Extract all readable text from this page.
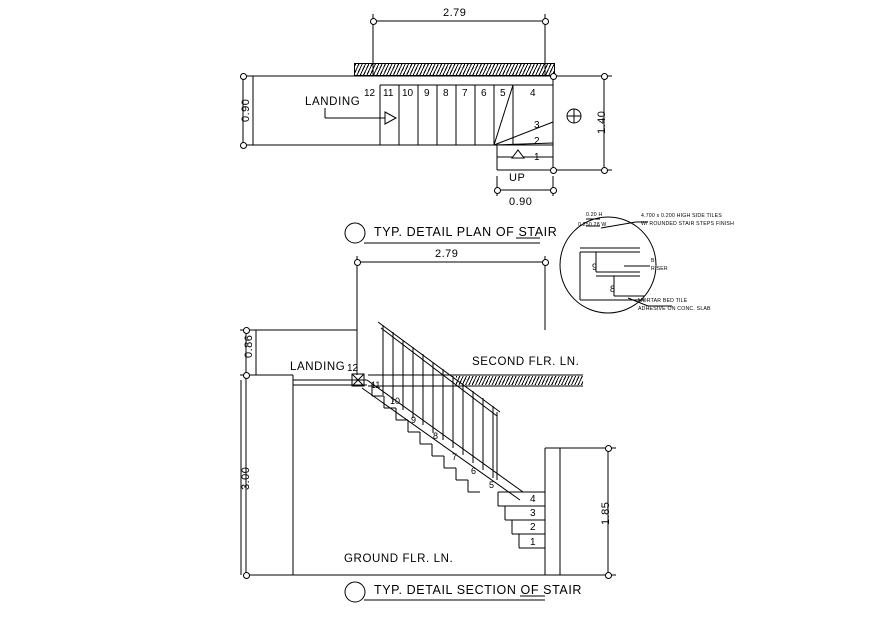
2.79
0.90
1.40
0.90
LANDING
UP
12 11 10 9 8 7 6 5 4
3
2
1
TYP. DETAIL PLAN OF STAIR
0.20 H
0.250.28 W
4.700 x 0.200 HIGH SIDE TILES
W/ ROUNDED STAIR STEPS FINISH
MORTAR BED TILE
ADHESIVE ON CONC. SLAB
B
RISER
9
8
2.79
0.86
3.00
1.85
LANDING	SECOND FLR. LN.
GROUND FLR. LN.
12
11
10
9
8
7
6
5
4
3
2
1
TYP. DETAIL SECTION OF STAIR
